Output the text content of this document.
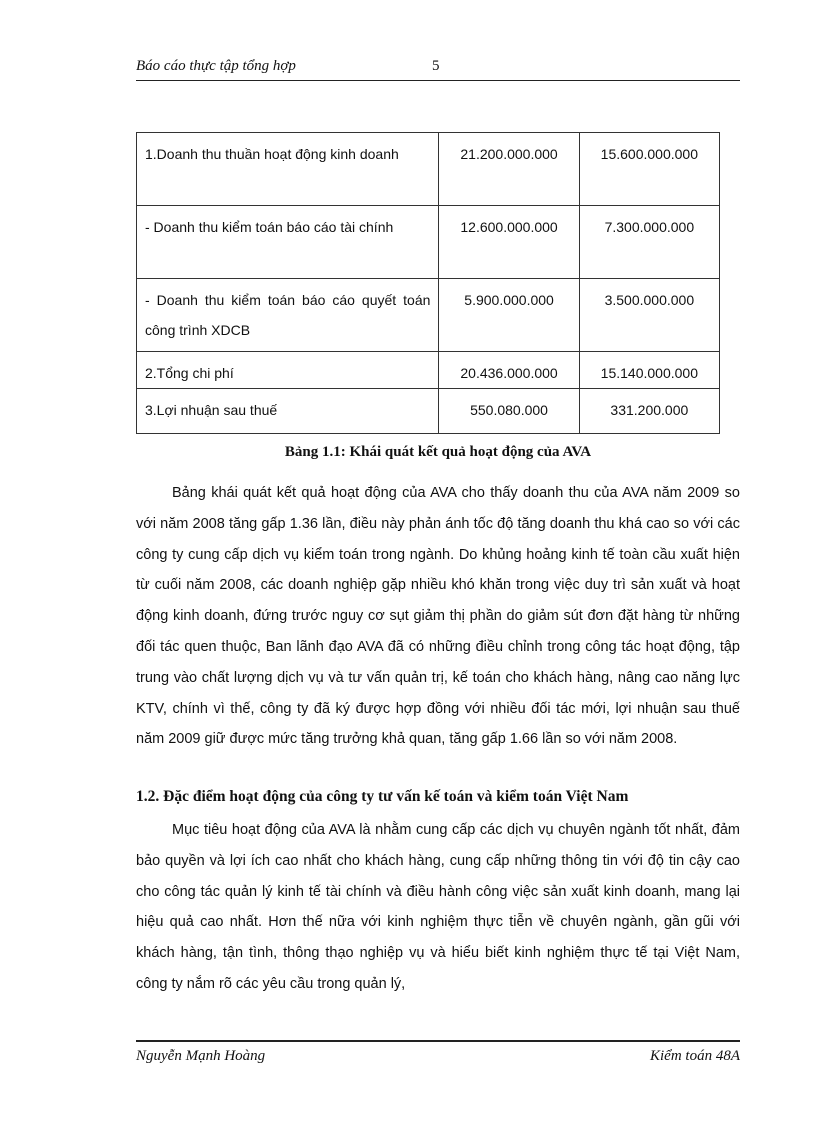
Báo cáo thực tập tổng hợp	5
1.Doanh thu thuần hoạt động kinh doanh	21.200.000.000	15.600.000.000
- Doanh thu kiểm toán báo cáo tài chính	12.600.000.000	7.300.000.000
- Doanh thu kiểm toán báo cáo quyết toán công trình XDCB	5.900.000.000	3.500.000.000
2.Tổng chi phí	20.436.000.000	15.140.000.000
3.Lợi nhuận sau thuế	550.080.000	331.200.000
Bảng 1.1: Khái quát kết quả hoạt động của AVA
Bảng khái quát kết quả hoạt động của AVA cho thấy doanh thu của AVA năm 2009 so với năm 2008 tăng gấp 1.36 lần, điều này phản ánh tốc độ tăng doanh thu khá cao so với các công ty cung cấp dịch vụ kiểm toán trong ngành. Do khủng hoảng kinh tế toàn cầu xuất hiện từ cuối năm 2008, các doanh nghiệp gặp nhiều khó khăn trong việc duy trì sản xuất và hoạt động kinh doanh, đứng trước nguy cơ sụt giảm thị phần do giảm sút đơn đặt hàng từ những đối tác quen thuộc, Ban lãnh đạo AVA đã có những điều chỉnh trong công tác hoạt động, tập trung vào chất lượng dịch vụ và tư vấn quản trị, kế toán cho khách hàng, nâng cao năng lực KTV, chính vì thế, công ty đã ký được hợp đồng với nhiều đối tác mới, lợi nhuận sau thuế năm 2009 giữ được mức tăng trưởng khả quan, tăng gấp 1.66 lần so với năm 2008.
1.2. Đặc điểm hoạt động của công ty tư vấn kế toán và kiểm toán Việt Nam
Mục tiêu hoạt động của AVA là nhằm cung cấp các dịch vụ chuyên ngành tốt nhất, đảm bảo quyền và lợi ích cao nhất cho khách hàng, cung cấp những thông tin với độ tin cậy cao cho công tác quản lý kinh tế tài chính và điều hành công việc sản xuất kinh doanh, mang lại hiệu quả cao nhất. Hơn thế nữa với kinh nghiệm thực tiễn về chuyên ngành, gần gũi với khách hàng, tận tình, thông thạo nghiệp vụ và hiểu biết kinh nghiệm thực tế tại Việt Nam, công ty nắm rõ các yêu cầu trong quản lý,
Nguyễn Mạnh Hoàng	Kiểm toán 48A
